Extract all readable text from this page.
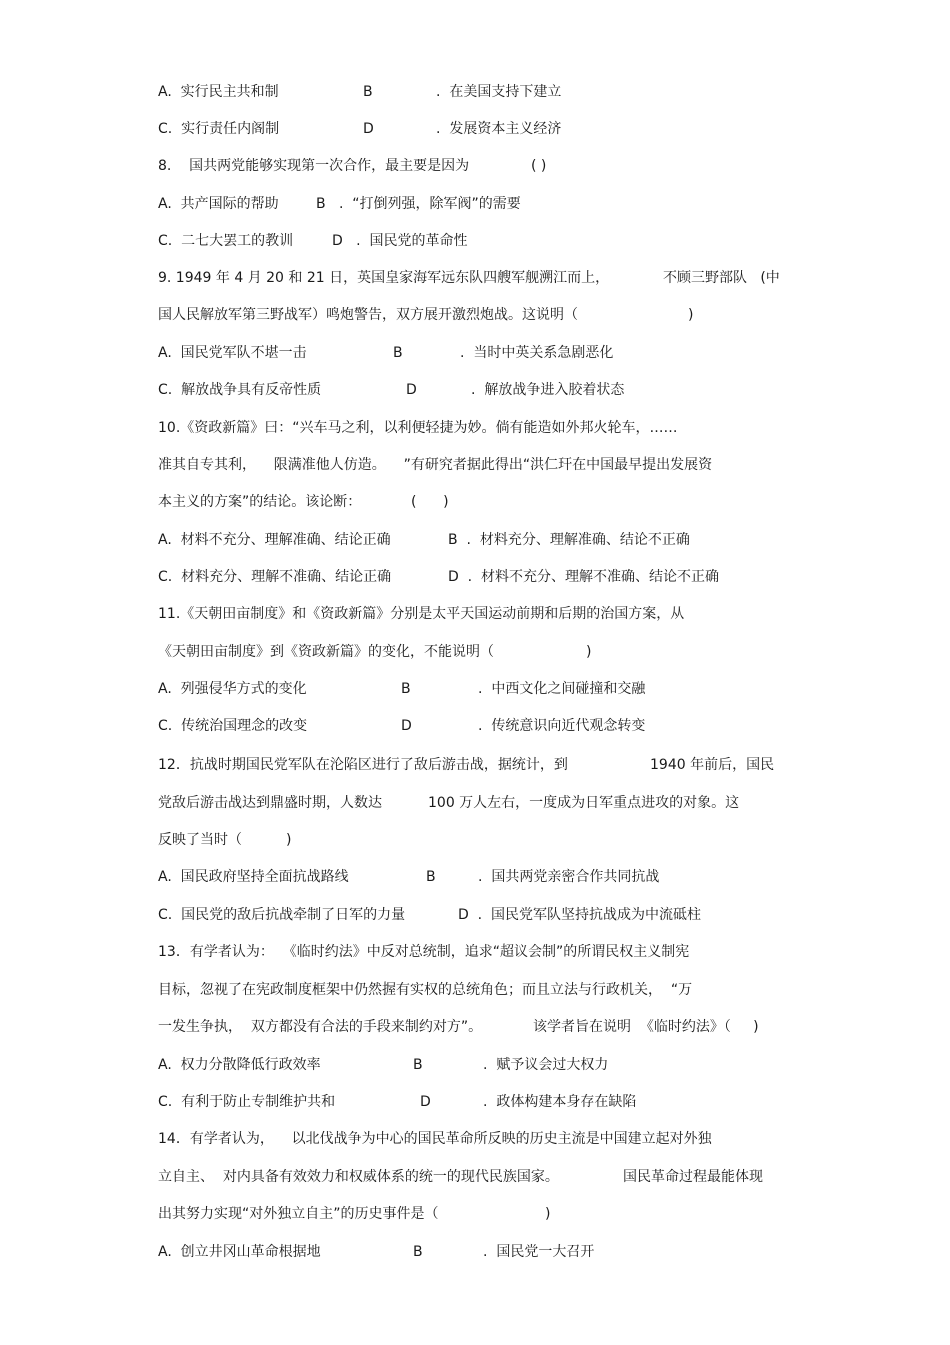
A.  实行民主共和制	B	.  在美国支持下建立
C.  实行责任内阁制	D	.  发展资本主义经济
8.    国共两党能够实现第一次合作，最主要是因为	( )
A.  共产国际的帮助	B   .  “打倒列强，除军阀”的需要
C.  二七大罢工的教训	D   .  国民党的革命性
9. 1949 年 4 月 20 和 21 日，英国皇家海军远东队四艘军舰溯江而上，	不顾三野部队   (中
国人民解放军第三野战军）鸣炮警告，双方展开激烈炮战。这说明（	)
A.  国民党军队不堪一击	B	.  当时中英关系急剧恶化
C.  解放战争具有反帝性质	D	.  解放战争进入胶着状态
10.《资政新篇》曰：“兴车马之利，以利便轻捷为妙。倘有能造如外邦火轮车，……
准其自专其利，    限满准他人仿造。    ”有研究者据此得出“洪仁玕在中国最早提出发展资
本主义的方案”的结论。该论断：	(      )
A.  材料不充分、理解准确、结论正确	B  .  材料充分、理解准确、结论不正确
C.  材料充分、理解不准确、结论正确	D  .  材料不充分、理解不准确、结论不正确
11.《天朝田亩制度》和《资政新篇》分别是太平天国运动前期和后期的治国方案，从
《天朝田亩制度》到《资政新篇》的变化，不能说明（	)
A.  列强侵华方式的变化	B	.  中西文化之间碰撞和交融
C.  传统治国理念的改变	D	.  传统意识向近代观念转变
12．抗战时期国民党军队在沦陷区进行了敌后游击战，据统计，到	1940 年前后，国民
党敌后游击战达到鼎盛时期，人数达	100 万人左右，一度成为日军重点进攻的对象。这
反映了当时（	)
A.  国民政府坚持全面抗战路线	B	.  国共两党亲密合作共同抗战
C.  国民党的敌后抗战牵制了日军的力量	D  .  国民党军队坚持抗战成为中流砥柱
13．有学者认为：  《临时约法》中反对总统制，追求“超议会制”的所谓民权主义制宪
目标，忽视了在宪政制度框架中仍然握有实权的总统角色；而且立法与行政机关，  “万
一发生争执，  双方都没有合法的手段来制约对方”。	该学者旨在说明  《临时约法》（     )
A.  权力分散降低行政效率	B	.  赋予议会过大权力
C.  有利于防止专制维护共和	D	.  政体构建本身存在缺陷
14．有学者认为，    以北伐战争为中心的国民革命所反映的历史主流是中国建立起对外独
立自主、  对内具备有效效力和权威体系的统一的现代民族国家。	国民革命过程最能体现
出其努力实现“对外独立自主”的历史事件是（	)
A.  创立井冈山革命根据地	B	.  国民党一大召开
